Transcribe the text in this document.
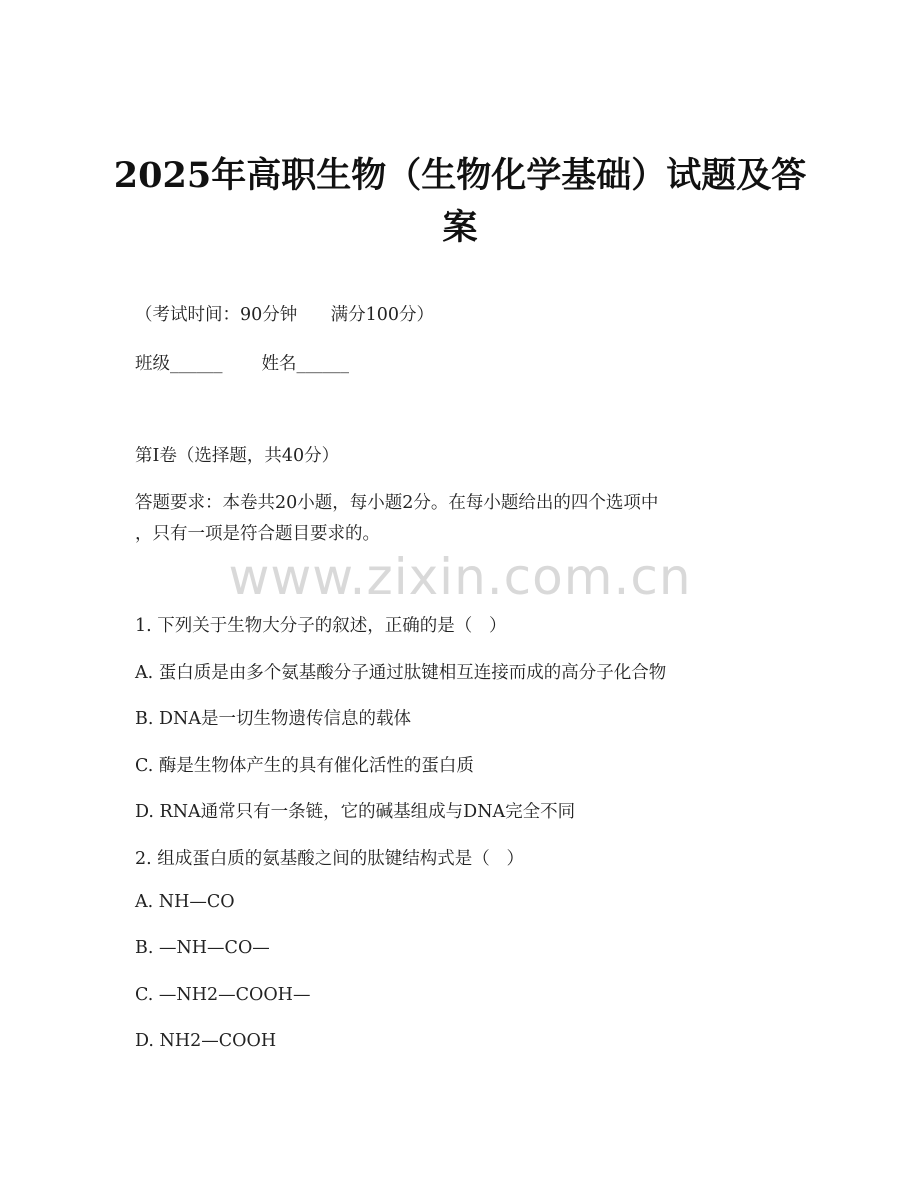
2025年高职生物（生物化学基础）试题及答
案
（考试时间：90分钟      满分100分）
班级______       姓名______
第I卷（选择题，共40分）
答题要求：本卷共20小题，每小题2分。在每小题给出的四个选项中
，只有一项是符合题目要求的。
www.zixin.com.cn
1. 下列关于生物大分子的叙述，正确的是（   ）
A. 蛋白质是由多个氨基酸分子通过肽键相互连接而成的高分子化合物
B. DNA是一切生物遗传信息的载体
C. 酶是生物体产生的具有催化活性的蛋白质
D. RNA通常只有一条链，它的碱基组成与DNA完全不同
2. 组成蛋白质的氨基酸之间的肽键结构式是（   ）
A. NH—CO
B. —NH—CO—
C. —NH2—COOH—
D. NH2—COOH
